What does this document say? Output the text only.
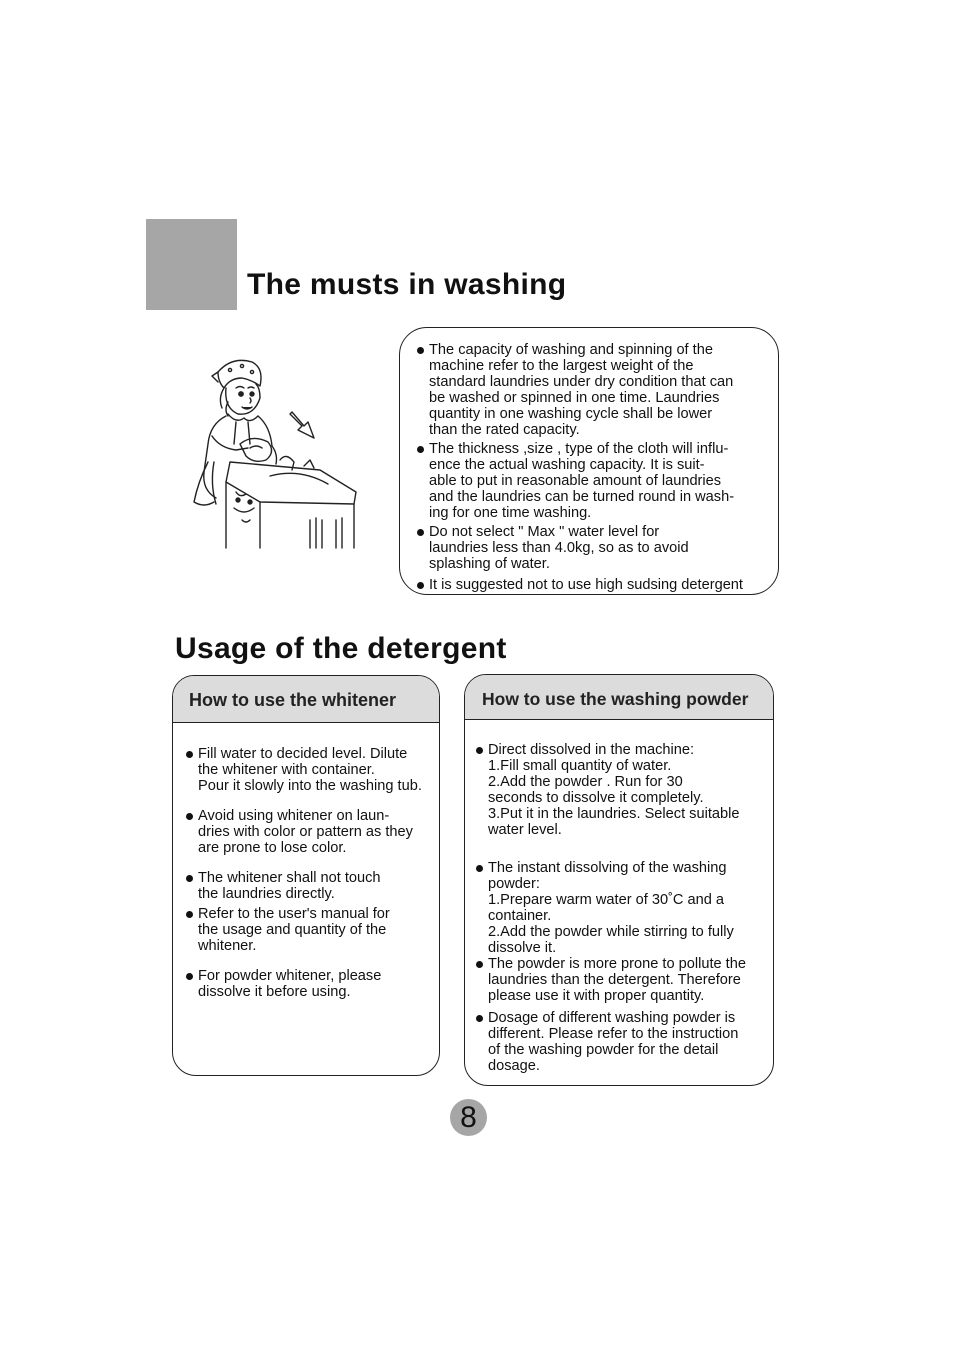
The musts in washing
The capacity of washing and spinning of the
machine refer to the largest weight of the
standard laundries under dry condition that can
be washed or spinned in one time. Laundries
quantity in one washing cycle shall be lower
than the rated capacity.
The thickness ,size , type of the cloth will influ-
ence the actual washing capacity. It is suit-
able to put in reasonable amount of laundries
and the laundries can be turned round in wash-
ing for one time washing.
Do not select " Max " water level for
laundries less than 4.0kg, so as to avoid
splashing of water.
It is suggested not to use high sudsing detergent
Usage of the detergent
How to use the whitener
Fill water to decided level. Dilute
the whitener with container.
Pour it slowly into the washing tub.
Avoid using whitener on laun-
dries with color or pattern as they
are prone to lose color.
The whitener shall not touch
the laundries directly.
Refer to the user's manual for
the usage and quantity of the
whitener.
For powder whitener, please
dissolve it before using.
How to use the washing powder
Direct dissolved in the machine:
1.Fill small quantity of water.
2.Add the powder . Run for 30
seconds to dissolve it completely.
3.Put it in the laundries. Select suitable
water level.
The instant dissolving of the washing
powder:
1.Prepare warm water of 30˚C and a
container.
2.Add the powder while stirring to fully
dissolve it.
The powder is more prone to pollute the
laundries than the detergent. Therefore
please use it with proper quantity.
Dosage of different washing powder is
different. Please refer to the instruction
of the washing powder for the detail
dosage.
8
